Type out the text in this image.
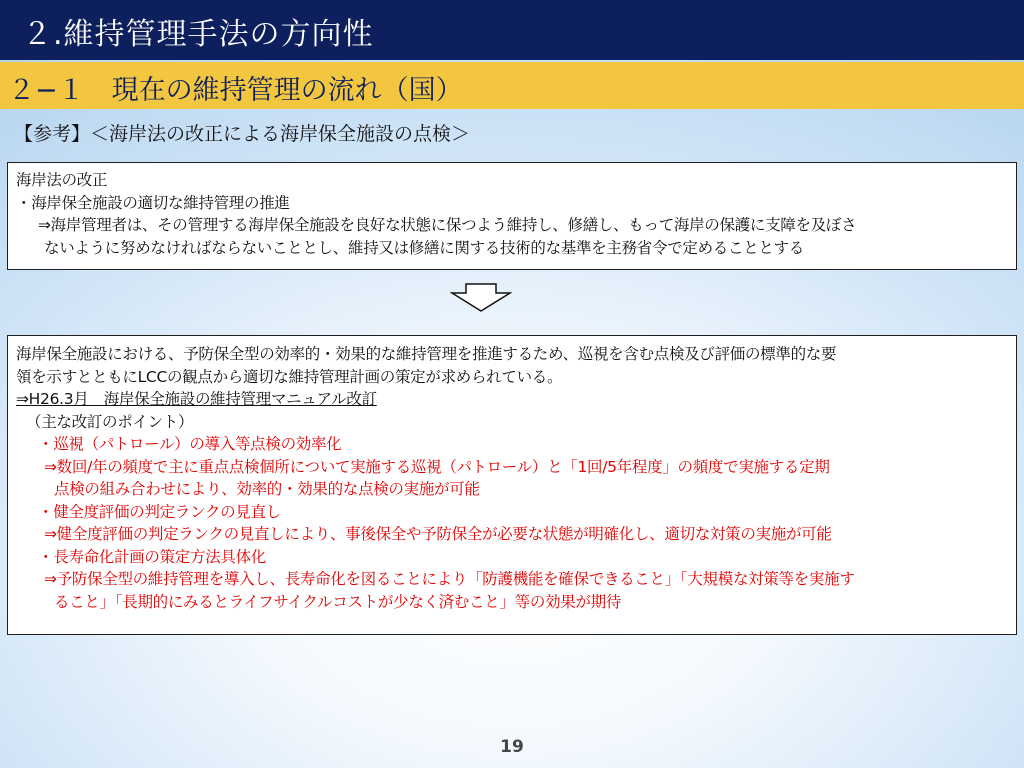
２.維持管理手法の方向性
２−１　現在の維持管理の流れ（国）
【参考】＜海岸法の改正による海岸保全施設の点検＞
海岸法の改正
・海岸保全施設の適切な維持管理の推進
⇒海岸管理者は、その管理する海岸保全施設を良好な状態に保つよう維持し、修繕し、もって海岸の保護に支障を及ぼさ
ないように努めなければならないこととし、維持又は修繕に関する技術的な基準を主務省令で定めることとする
海岸保全施設における、予防保全型の効率的・効果的な維持管理を推進するため、巡視を含む点検及び評価の標準的な要
領を示すとともにLCCの観点から適切な維持管理計画の策定が求められている。
⇒H26.3月　海岸保全施設の維持管理マニュアル改訂
（主な改訂のポイント）
・巡視（パトロール）の導入等点検の効率化
⇒数回/年の頻度で主に重点点検個所について実施する巡視（パトロール）と「1回/5年程度」の頻度で実施する定期
点検の組み合わせにより、効率的・効果的な点検の実施が可能
・健全度評価の判定ランクの見直し
⇒健全度評価の判定ランクの見直しにより、事後保全や予防保全が必要な状態が明確化し、適切な対策の実施が可能
・長寿命化計画の策定方法具体化
⇒予防保全型の維持管理を導入し、長寿命化を図ることにより「防護機能を確保できること」「大規模な対策等を実施す
ること」「長期的にみるとライフサイクルコストが少なく済むこと」等の効果が期待
19
